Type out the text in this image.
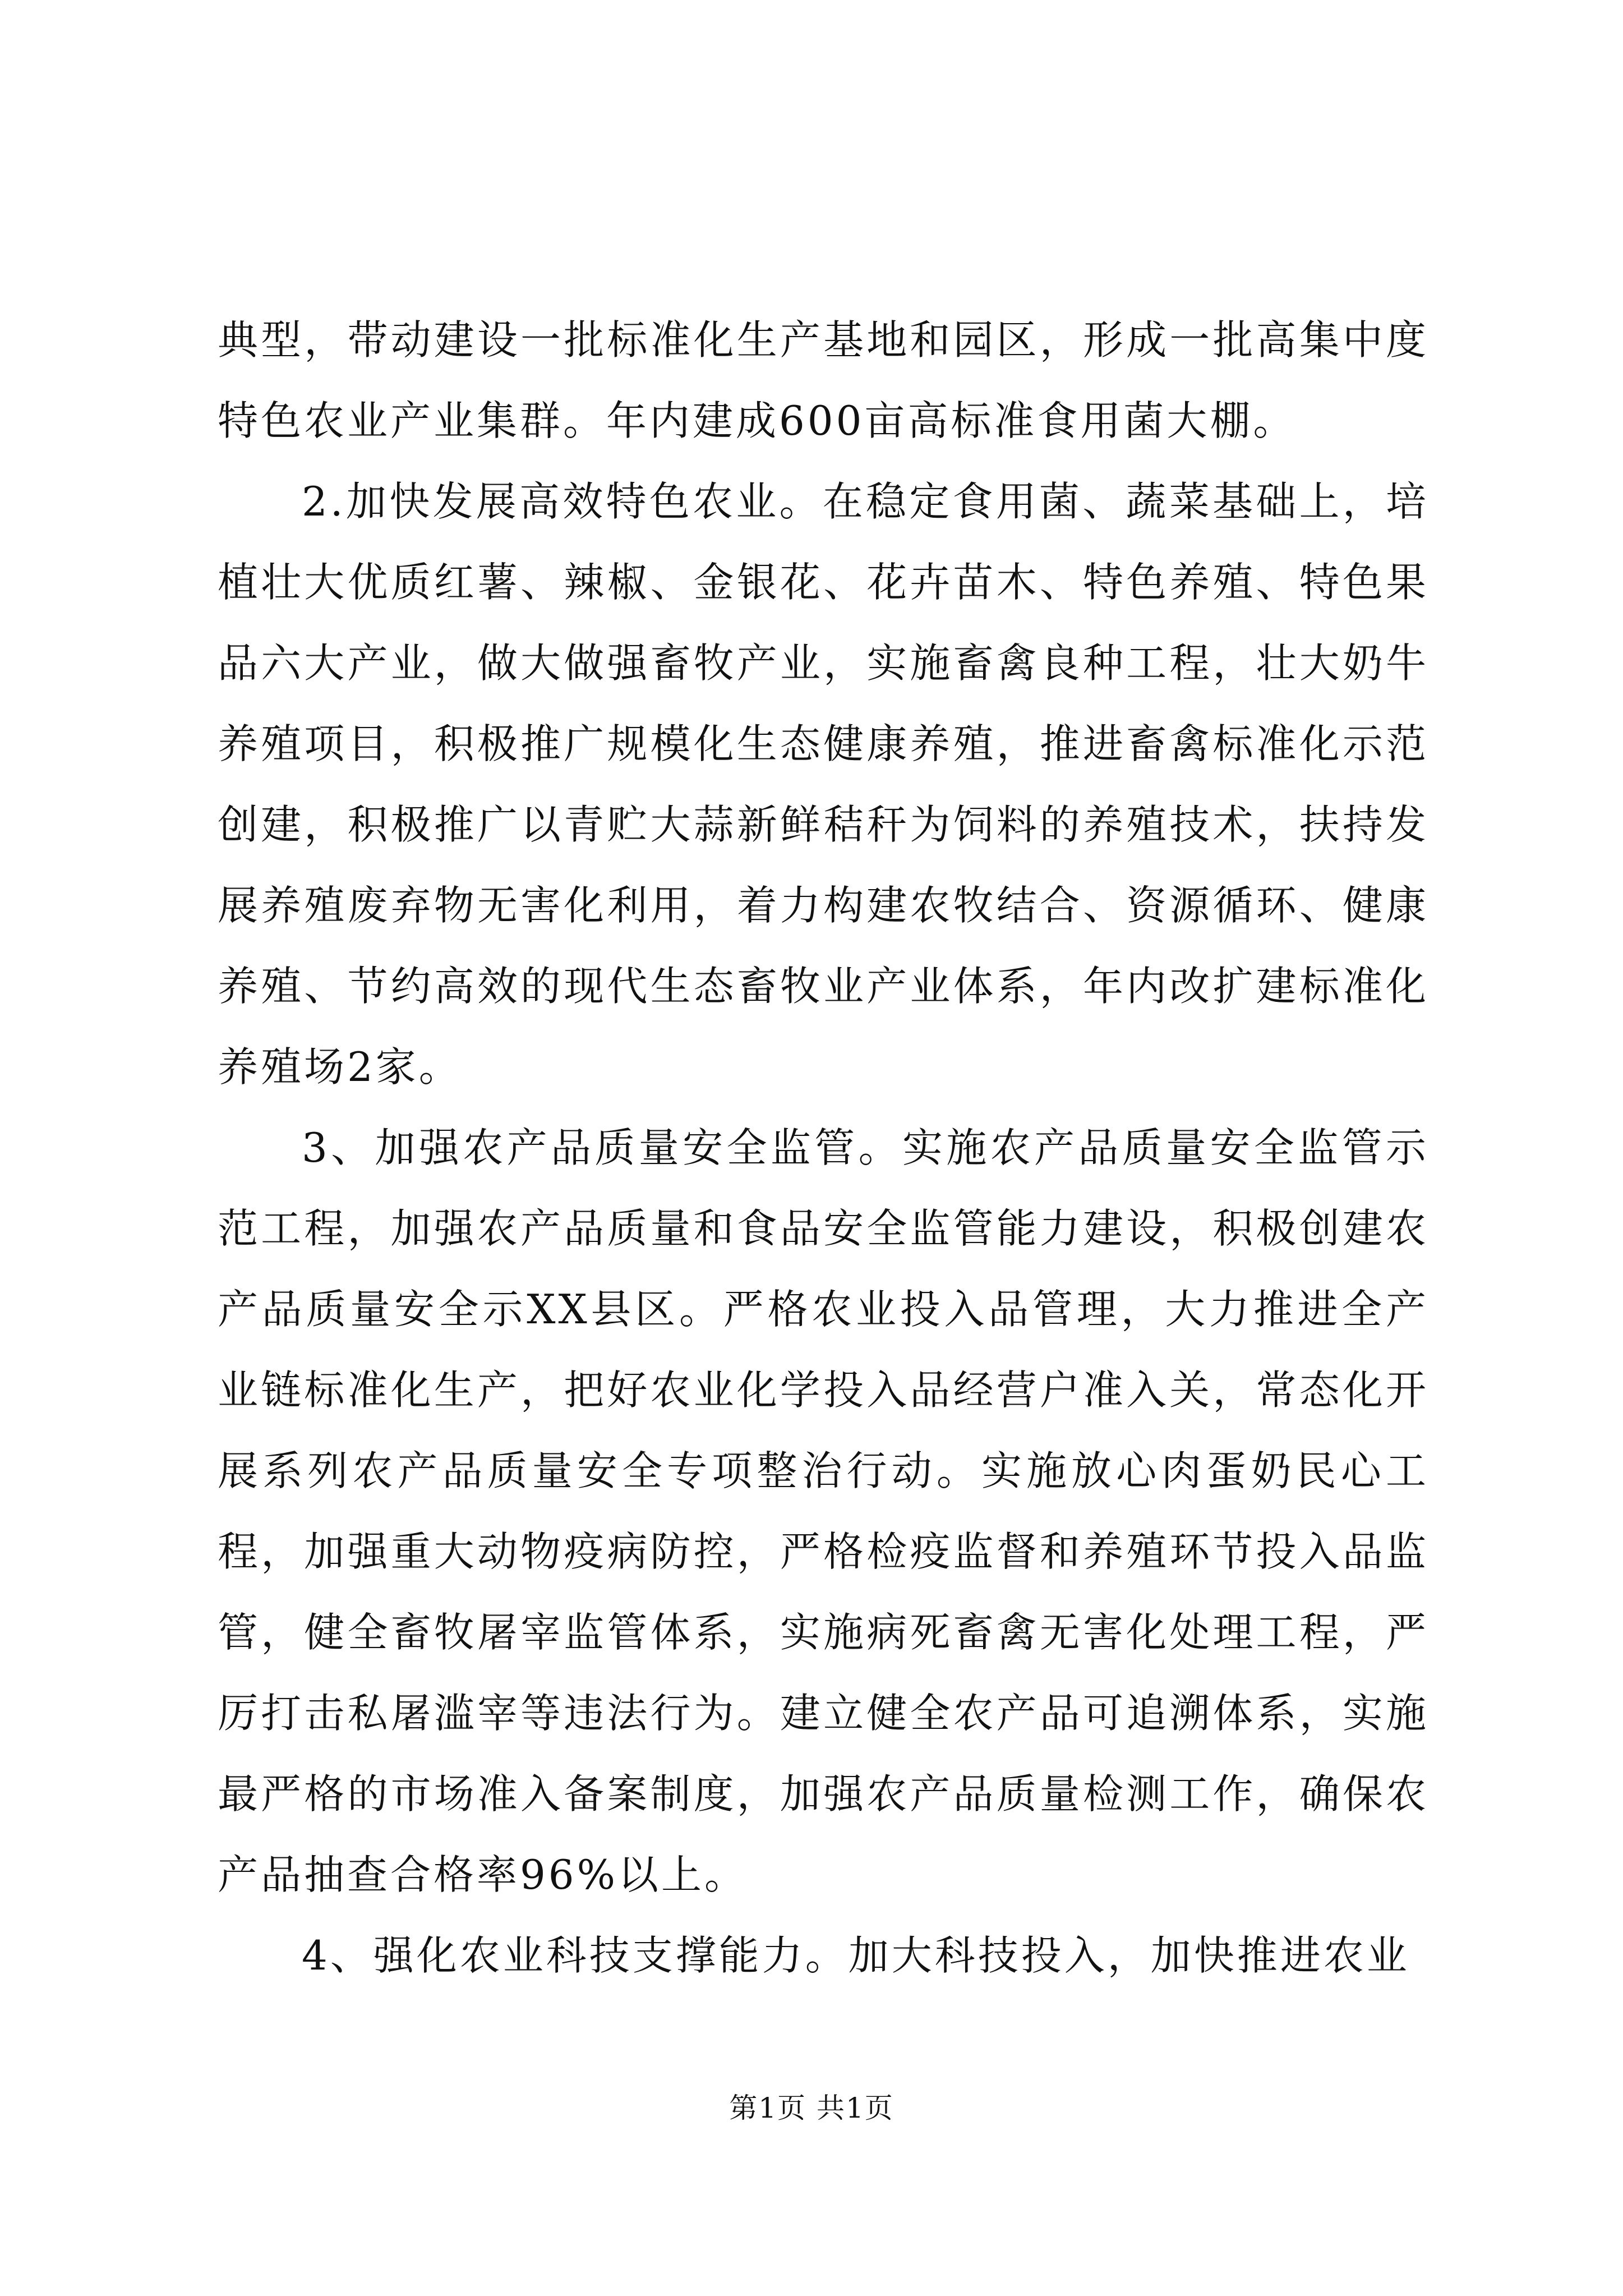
典型，带动建设一批标准化生产基地和园区，形成一批高集中度特色农业产业集群。年内建成600亩高标准食用菌大棚。

2.加快发展高效特色农业。在稳定食用菌、蔬菜基础上，培植壮大优质红薯、辣椒、金银花、花卉苗木、特色养殖、特色果品六大产业，做大做强畜牧产业，实施畜禽良种工程，壮大奶牛养殖项目，积极推广规模化生态健康养殖，推进畜禽标准化示范创建，积极推广以青贮大蒜新鲜秸秆为饲料的养殖技术，扶持发展养殖废弃物无害化利用，着力构建农牧结合、资源循环、健康养殖、节约高效的现代生态畜牧业产业体系，年内改扩建标准化养殖场2家。

3、加强农产品质量安全监管。实施农产品质量安全监管示范工程，加强农产品质量和食品安全监管能力建设，积极创建农产品质量安全示XX县区。严格农业投入品管理，大力推进全产业链标准化生产，把好农业化学投入品经营户准入关，常态化开展系列农产品质量安全专项整治行动。实施放心肉蛋奶民心工程，加强重大动物疫病防控，严格检疫监督和养殖环节投入品监管，健全畜牧屠宰监管体系，实施病死畜禽无害化处理工程，严厉打击私屠滥宰等违法行为。建立健全农产品可追溯体系，实施最严格的市场准入备案制度，加强农产品质量检测工作，确保农产品抽查合格率96%以上。

4、强化农业科技支撑能力。加大科技投入，加快推进农业

第1页 共1页
